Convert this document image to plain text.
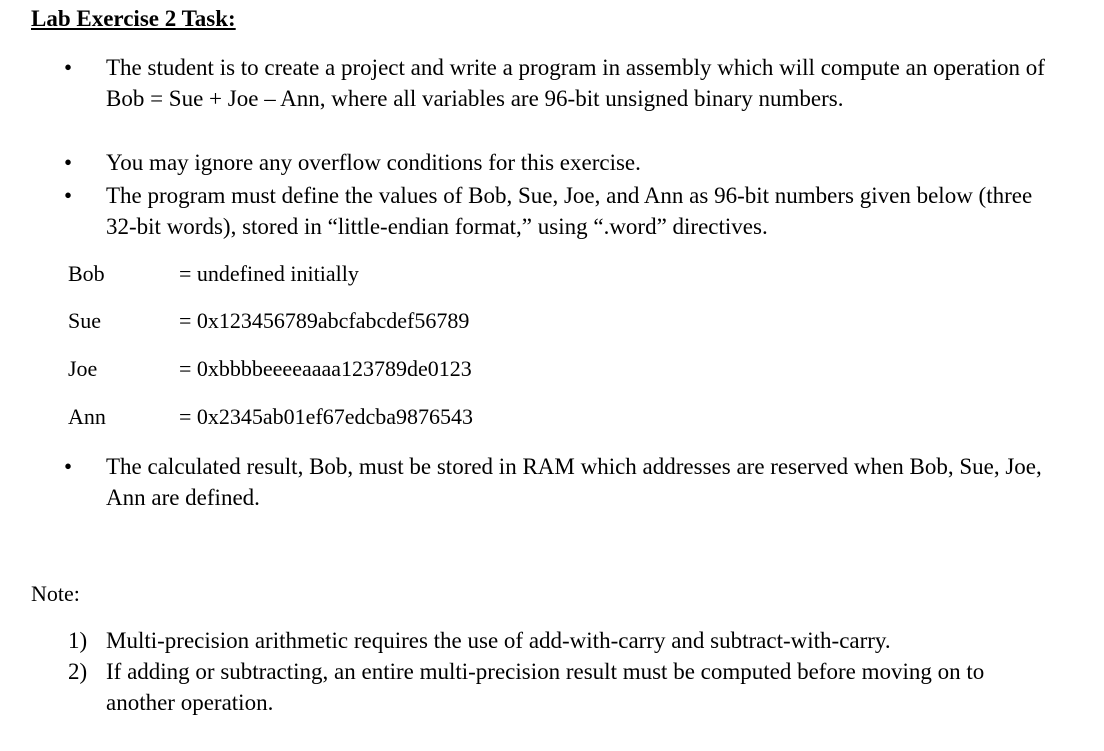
Lab Exercise 2 Task:

• The student is to create a project and write a program in assembly which will compute an operation of Bob = Sue + Joe – Ann, where all variables are 96-bit unsigned binary numbers.

• You may ignore any overflow conditions for this exercise.

• The program must define the values of Bob, Sue, Joe, and Ann as 96-bit numbers given below (three 32-bit words), stored in “little-endian format,” using “.word” directives.

Bob	= undefined initially
Sue	= 0x123456789abcfabcdef56789
Joe	= 0xbbbbeeeeaaaa123789de0123
Ann	= 0x2345ab01ef67edcba9876543
• The calculated result, Bob, must be stored in RAM which addresses are reserved when Bob, Sue, Joe, Ann are defined.

Note:
1) Multi-precision arithmetic requires the use of add-with-carry and subtract-with-carry.

2) If adding or subtracting, an entire multi-precision result must be computed before moving on to another operation.
